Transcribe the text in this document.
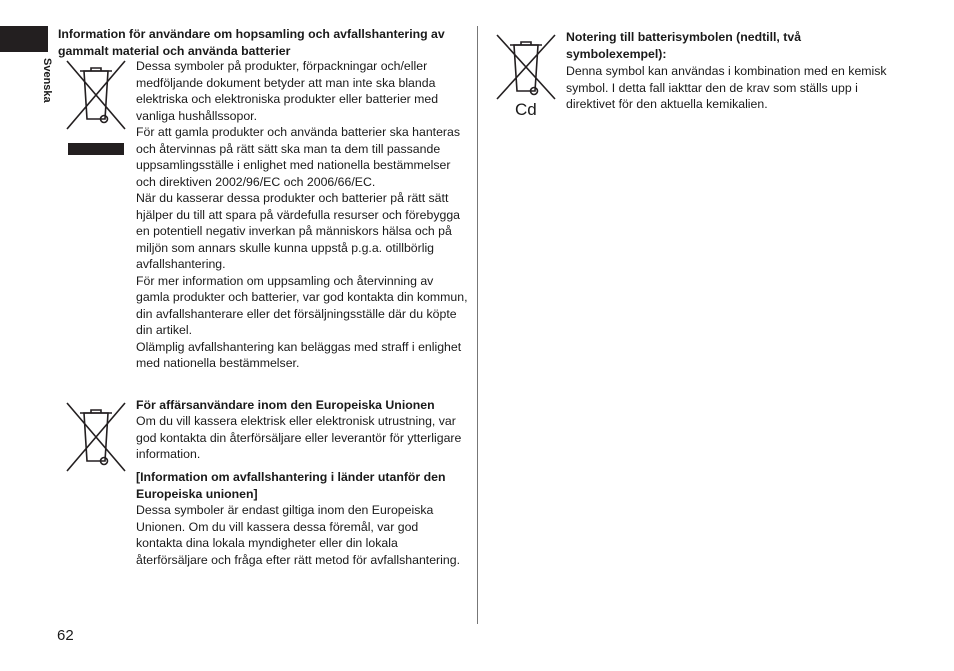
Svenska
Information för användare om hopsamling och avfallshantering av gammalt material och använda batterier

Dessa symboler på produkter, förpackningar och/eller medföljande dokument betyder att man inte ska blanda elektriska och elektroniska produkter eller batterier med vanliga hushållssopor.

För att gamla produkter och använda batterier ska hanteras och återvinnas på rätt sätt ska man ta dem till passande uppsamlingsställe i enlighet med nationella bestämmelser och direktiven 2002/96/EC och 2006/66/EC.

När du kasserar dessa produkter och batterier på rätt sätt hjälper du till att spara på värdefulla resurser och förebygga en potentiell negativ inverkan på människors hälsa och på miljön som annars skulle kunna uppstå p.g.a. otillbörlig avfallshantering.

För mer information om uppsamling och återvinning av gamla produkter och batterier, var god kontakta din kommun, din avfallshanterare eller det försäljningsställe där du köpte din artikel.

Olämplig avfallshantering kan beläggas med straff i enlighet med nationella bestämmelser.

För affärsanvändare inom den Europeiska Unionen

Om du vill kassera elektrisk eller elektronisk utrustning, var god kontakta din återförsäljare eller leverantör för ytterligare information.

[Information om avfallshantering i länder utanför den Europeiska unionen]

Dessa symboler är endast giltiga inom den Europeiska Unionen. Om du vill kassera dessa föremål, var god kontakta dina lokala myndigheter eller din lokala återförsäljare och fråga efter rätt metod för avfallshantering.

Cd
Notering till batterisymbolen (nedtill, två symbolexempel):

Denna symbol kan användas i kombination med en kemisk symbol. I detta fall iakttar den de krav som ställs upp i direktivet för den aktuella kemikalien.

62
